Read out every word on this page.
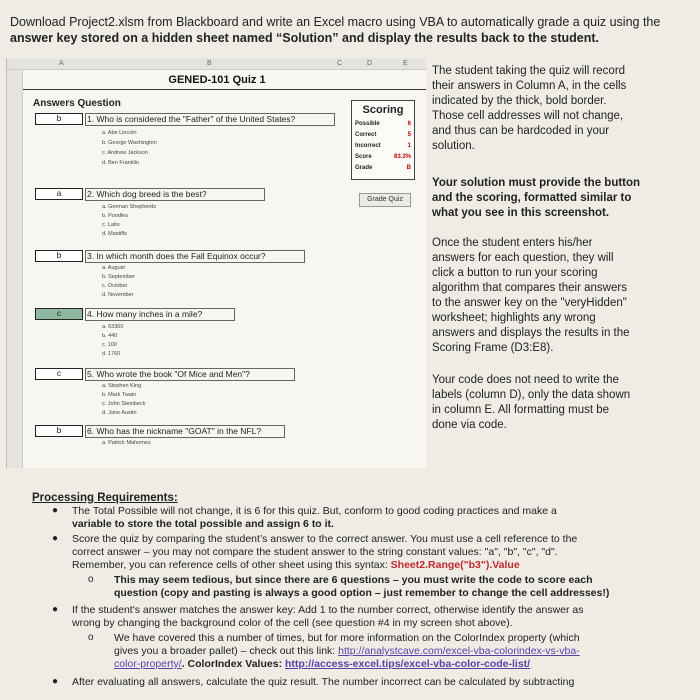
Download Project2.xlsm from Blackboard and write an Excel macro using VBA to automatically grade a quiz using the
answer key stored on a hidden sheet named “Solution” and display the results back to the student.
A	B	C	D	E
GENED-101 Quiz 1
Answers Question
b	1. Who is considered the "Father" of the United States?
a. Abe Lincoln
b. George Washington
c. Andrew Jackson
d. Ben Franklin
a	2. Which dog breed is the best?
a. German Shepherds
b. Poodles
c. Labs
d. Mastiffs
b	3. In which month does the Fall Equinox occur?
a. August
b. September
c. October
d. November
c	4. How many inches in a mile?
a. 63360
b. 440
c. 100
d. 1760
c	5. Who wrote the book "Of Mice and Men"?
a. Stephen King
b. Mark Twain
c. John Steinbeck
d. Jane Austin
b	6. Who has the nickname "GOAT" in the NFL?
a. Patrick Mahomes
Scoring
Possible	6
Correct	5
Incorrect	1
Score	83.3%
Grade	B
Grade Quiz
The student taking the quiz will record
their answers in Column A, in the cells
indicated by the thick, bold border.
Those cell addresses will not change,
and thus can be hardcoded in your
solution.
Your solution must provide the button
and the scoring, formatted similar to
what you see in this screenshot.
Once the student enters his/her
answers for each question, they will
click a button to run your scoring
algorithm that compares their answers
to the answer key on the "veryHidden"
worksheet; highlights any wrong
answers and displays the results in the
Scoring Frame (D3:E8).
Your code does not need to write the
labels (column D), only the data shown
in column E. All formatting must be
done via code.
Processing Requirements:
● The Total Possible will not change, it is 6 for this quiz. But, conform to good coding practices and make a
variable to store the total possible and assign 6 to it.
● Score the quiz by comparing the student’s answer to the correct answer. You must use a cell reference to the
correct answer – you may not compare the student answer to the string constant values: "a", "b", "c", "d".
Remember, you can reference cells of other sheet using this syntax: Sheet2.Range("b3").Value
o This may seem tedious, but since there are 6 questions – you must write the code to score each
question (copy and pasting is always a good option – just remember to change the cell addresses!)
● If the student's answer matches the answer key: Add 1 to the number correct, otherwise identify the answer as
wrong by changing the background color of the cell (see question #4 in my screen shot above).
o We have covered this a number of times, but for more information on the ColorIndex property (which
gives you a broader pallet) – check out this link: http://analystcave.com/excel-vba-colorindex-vs-vba-
color-property/. ColorIndex Values: http://access-excel.tips/excel-vba-color-code-list/
● After evaluating all answers, calculate the quiz result. The number incorrect can be calculated by subtracting
